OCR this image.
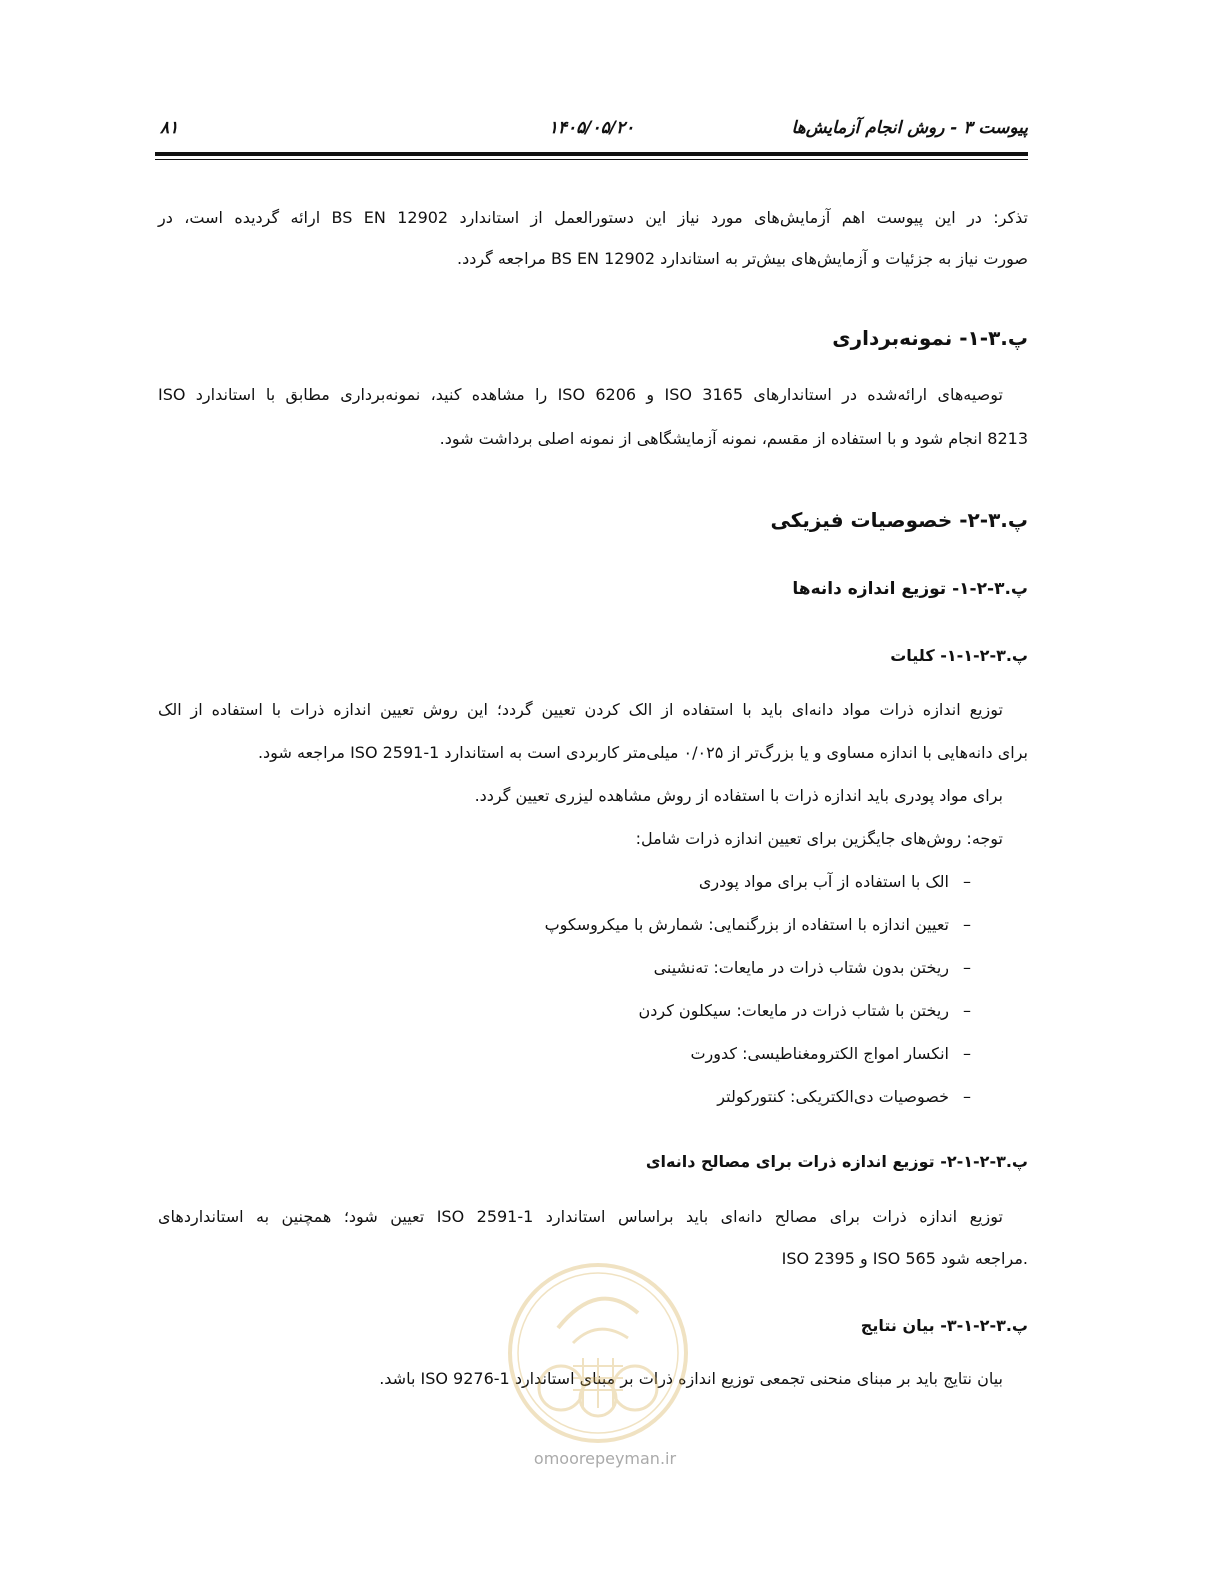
۸۱	۱۴۰۵/۰۵/۲۰	پیوست ۳ - روش انجام آزمایش‌ها
تذکر: در این پیوست اهم آزمایش‌های مورد نیاز این دستورالعمل از استاندارد BS EN 12902 ارائه گردیده است، در
صورت نیاز به جزئیات و آزمایش‌های بیش‌تر به استاندارد BS EN 12902 مراجعه گردد.
پ.۳-۱- نمونه‌برداری
توصیه‌های ارائه‌شده در استاندارهای ISO 3165 و ISO 6206 را مشاهده کنید، نمونه‌برداری مطابق با استاندارد ISO
8213 انجام شود و با استفاده از مقسم، نمونه آزمایشگاهی از نمونه اصلی برداشت شود.
پ.۳-۲- خصوصیات فیزیکی
پ.۳-۲-۱- توزیع اندازه دانه‌ها
پ.۳-۲-۱-۱- کلیات
توزیع اندازه ذرات مواد دانه‌ای باید با استفاده از الک کردن تعیین گردد؛ این روش تعیین اندازه ذرات با استفاده از الک
برای دانه‌هایی با اندازه مساوی و یا بزرگ‌تر از ۰/۰۲۵ میلی‌متر کاربردی است به استاندارد ISO 2591-1 مراجعه شود.
برای مواد پودری باید اندازه ذرات با استفاده از روش مشاهده لیزری تعیین گردد.
توجه: روش‌های جایگزین برای تعیین اندازه ذرات شامل:
–
الک با استفاده از آب برای مواد پودری
–
تعیین اندازه با استفاده از بزرگنمایی: شمارش با میکروسکوپ
–
ریختن بدون شتاب ذرات در مایعات: ته‌نشینی
–
ریختن با شتاب ذرات در مایعات: سیکلون کردن
–
انکسار امواج الکترومغناطیسی: کدورت
–
خصوصیات دی‌الکتریکی: کنتورکولتر
پ.۳-۲-۱-۲- توزیع اندازه ذرات برای مصالح دانه‌ای
توزیع اندازه ذرات برای مصالح دانه‌ای باید براساس استاندارد ISO 2591-1 تعیین شود؛ همچنین به استانداردهای
ISO 2395 و ISO 565 مراجعه شود.
پ.۳-۲-۱-۳- بیان نتایج
بیان نتایج باید بر مبنای منحنی تجمعی توزیع اندازه ذرات بر مبنای استاندارد ISO 9276-1 باشد.
omoorepeyman.ir
